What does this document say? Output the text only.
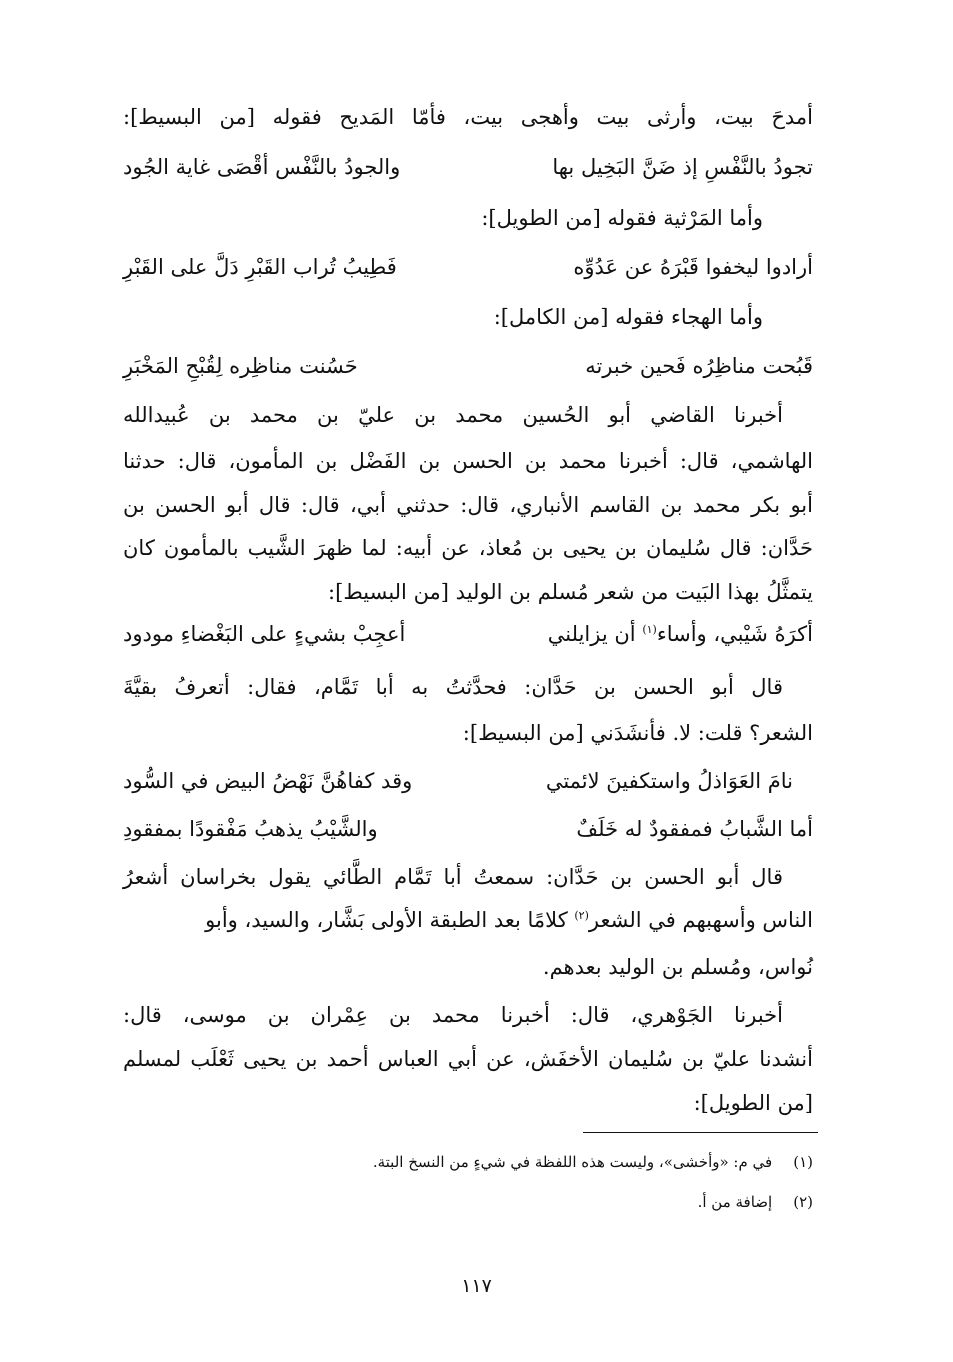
أمدحَ بيت، وأرثى بيت وأهجى بيت، فأمّا المَديح فقوله [من البسيط]:
تجودُ بالنَّفْسِ إذ ضَنَّ البَخِيل بها
والجودُ بالنَّفْس أقْصَى غاية الجُود
وأما المَرْثية فقوله [من الطويل]:
أرادوا ليخفوا قَبْرَهُ عن عَدُوِّه
فَطِيبُ تُراب القَبْرِ دَلَّ على القَبْرِ
وأما الهجاء فقوله [من الكامل]:
قَبُحت مناظِرُه فَحين خبرته
حَسُنت مناظِره لِقُبْحِ المَخْبَرِ
أخبرنا القاضي أبو الحُسين محمد بن عليّ بن محمد بن عُبيدالله
الهاشمي، قال: أخبرنا محمد بن الحسن بن الفَضْل بن المأمون، قال: حدثنا
أبو بكر محمد بن القاسم الأنباري، قال: حدثني أبي، قال: قال أبو الحسن بن
حَدَّان: قال سُليمان بن يحيى بن مُعاذ، عن أبيه: لما ظهرَ الشَّيب بالمأمون كان
يتمثَّلُ بهذا البَيت من شعر مُسلم بن الوليد [من البسيط]:
أكرَهُ شَيْبي، وأساء$^{(١)}$ أن يزايلني
أعجِبْ بشيءٍ على البَغْضاءِ مودود
قال أبو الحسن بن حَدَّان: فحدَّثتُ به أبا تَمَّام، فقال: أتعرفُ بقيَّةَ
الشعر؟ قلت: لا. فأنشَدَني [من البسيط]:
نامَ العَوَاذلُ واستكفينَ لائمتي
وقد كفاهُنَّ نَهْضُ البيض في السُّود
أما الشَّبابُ فمفقودٌ له خَلَفٌ
والشَّيْبُ يذهبُ مَفْقودًا بمفقودِ
قال أبو الحسن بن حَدَّان: سمعتُ أبا تَمَّام الطَّائي يقول بخراسان أشعرُ
الناس وأسهبهم في الشعر$^{(٢)}$ كلامًا بعد الطبقة الأولى بَشَّار، والسيد، وأبو
نُواس، ومُسلم بن الوليد بعدهم.
أخبرنا الجَوْهري، قال: أخبرنا محمد بن عِمْران بن موسى، قال:
أنشدنا عليّ بن سُليمان الأخفَش، عن أبي العباس أحمد بن يحيى ثَعْلَب لمسلم
[من الطويل]:
(١) في م: «وأخشى»، وليست هذه اللفظة في شيءٍ من النسخ البتة.
(٢) إضافة من أ.
١١٧
